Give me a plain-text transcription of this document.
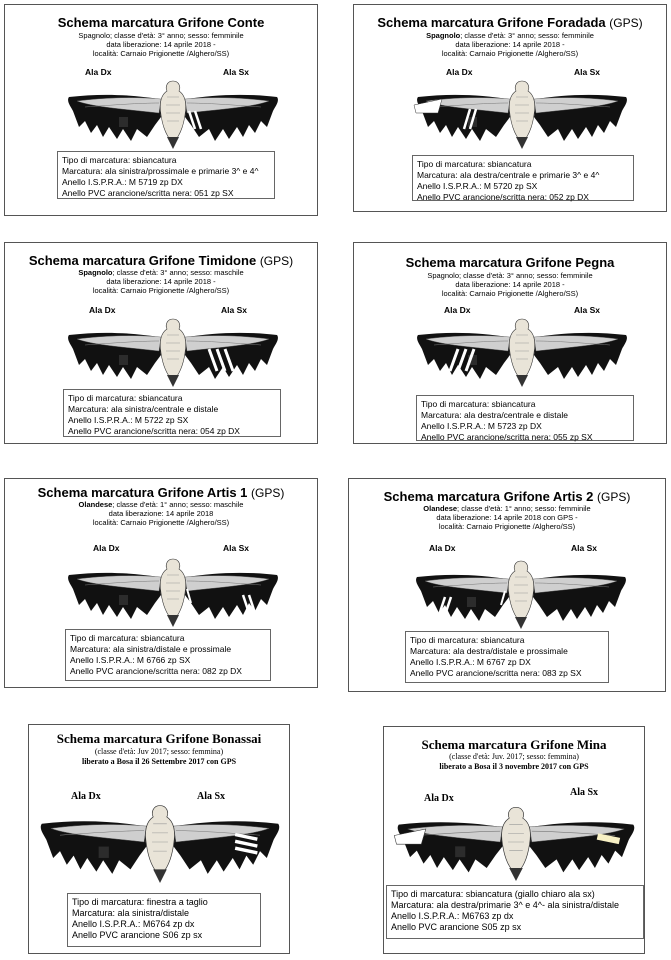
Schema marcatura Grifone Conte
Spagnolo; classe d'età: 3° anno; sesso: femminile
data liberazione: 14 aprile 2018 -
località: Carnaio Prigionette /Alghero/SS)
Ala Dx	Ala Sx
Tipo di marcatura: sbiancatura
Marcatura: ala sinistra/prossimale e primarie 3^ e 4^
Anello I.S.P.R.A.: M 5719 zp DX
Anello PVC arancione/scritta nera: 051 zp SX
Schema marcatura Grifone Foradada (GPS)
Spagnolo; classe d'età: 3° anno; sesso: femminile
data liberazione: 14 aprile 2018 -
località: Carnaio Prigionette /Alghero/SS)
Ala Dx	Ala Sx
Tipo di marcatura: sbiancatura
Marcatura: ala destra/centrale e primarie 3^ e 4^
Anello I.S.P.R.A.: M 5720 zp SX
Anello PVC arancione/scritta nera: 052 zp DX
Schema marcatura Grifone Timidone (GPS)
Spagnolo; classe d'età: 3° anno; sesso: maschile
data liberazione: 14 aprile 2018 -
località: Carnaio Prigionette /Alghero/SS)
Ala Dx	Ala Sx
Tipo di marcatura: sbiancatura
Marcatura: ala sinistra/centrale e distale
Anello I.S.P.R.A.: M 5722 zp SX
Anello PVC arancione/scritta nera: 054 zp DX
Schema marcatura Grifone Pegna
Spagnolo; classe d'età: 3° anno; sesso: femminile
data liberazione: 14 aprile 2018 -
località: Carnaio Prigionette /Alghero/SS)
Ala Dx	Ala Sx
Tipo di marcatura: sbiancatura
Marcatura: ala destra/centrale e distale
Anello I.S.P.R.A.: M 5723 zp DX
Anello PVC arancione/scritta nera: 055 zp SX
Schema marcatura Grifone Artis 1 (GPS)
Olandese; classe d'età: 1° anno; sesso: maschile
data liberazione: 14 aprile 2018
località: Carnaio Prigionette /Alghero/SS)
Ala Dx	Ala Sx
Tipo di marcatura: sbiancatura
Marcatura: ala sinistra/distale e prossimale
Anello I.S.P.R.A.: M 6766 zp SX
Anello PVC arancione/scritta nera: 082 zp DX
Schema marcatura Grifone Artis 2 (GPS)
Olandese; classe d'età: 1° anno; sesso: femminile
data liberazione: 14 aprile 2018 con GPS -
località: Carnaio Prigionette /Alghero/SS)
Ala Dx	Ala Sx
Tipo di marcatura: sbiancatura
Marcatura: ala destra/distale e prossimale
Anello I.S.P.R.A.: M 6767 zp DX
Anello PVC arancione/scritta nera: 083 zp SX
Schema marcatura Grifone Bonassai
(classe d'età: Juv 2017; sesso: femmina)
liberato a Bosa il 26 Settembre 2017 con GPS
Ala Dx	Ala Sx
Tipo di marcatura: finestra a taglio
Marcatura: ala sinistra/distale
Anello I.S.P.R.A.: M6764 zp dx
Anello PVC arancione S06 zp sx
Schema marcatura Grifone Mina
(classe d'età: Juv. 2017; sesso: femmina)
liberato a Bosa il 3 novembre 2017 con GPS
Ala Dx
Ala Sx
Tipo di marcatura: sbiancatura (giallo chiaro ala sx)
Marcatura: ala destra/primarie 3^ e 4^- ala sinistra/distale
Anello I.S.P.R.A.: M6763 zp dx
Anello PVC arancione S05 zp sx
